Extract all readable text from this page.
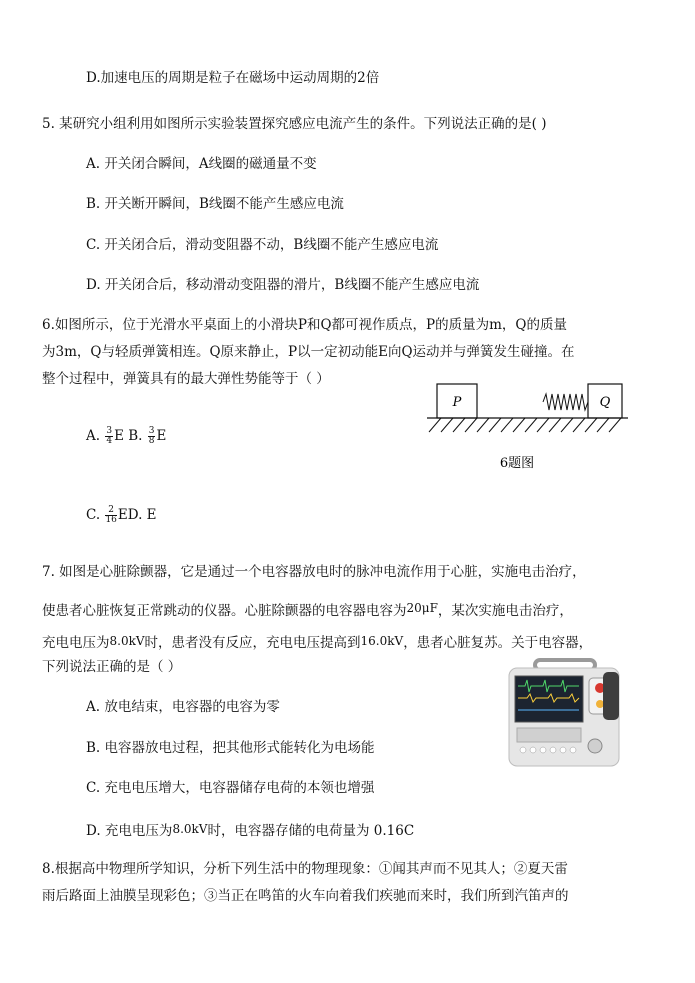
D.加速电压的周期是粒子在磁场中运动周期的2倍
5. 某研究小组利用如图所示实验装置探究感应电流产生的条件。下列说法正确的是( )
A. 开关闭合瞬间，A线圈的磁通量不变
B. 开关断开瞬间，B线圈不能产生感应电流
C. 开关闭合后，滑动变阻器不动，B线圈不能产生感应电流
D. 开关闭合后，移动滑动变阻器的滑片，B线圈不能产生感应电流
6.如图所示，位于光滑水平桌面上的小滑块P和Q都可视作质点，P的质量为m，Q的质量
为3m，Q与轻质弹簧相连。Q原来静止，P以一定初动能E向Q运动并与弹簧发生碰撞。在
整个过程中，弹簧具有的最大弹性势能等于（ ）
A. $\frac{3}{4}$ E B. $\frac{3}{8}$ E
C. $\frac{2}{16}$ ED. E
P	Q
6题图
7. 如图是心脏除颤器，它是通过一个电容器放电时的脉冲电流作用于心脏，实施电击治疗，
使患者心脏恢复正常跳动的仪器。心脏除颤器的电容器电容为20μF，某次实施电击治疗，
充电电压为8.0kV时，患者没有反应，充电电压提高到16.0kV，患者心脏复苏。关于电容器，
下列说法正确的是（ ）
A. 放电结束，电容器的电容为零
B. 电容器放电过程，把其他形式能转化为电场能
C. 充电电压增大，电容器储存电荷的本领也增强
D. 充电电压为8.0kV时，电容器存储的电荷量为 0.16C
8.根据高中物理所学知识，分析下列生活中的物理现象：①闻其声而不见其人；②夏天雷
雨后路面上油膜呈现彩色；③当正在鸣笛的火车向着我们疾驰而来时，我们所到汽笛声的
